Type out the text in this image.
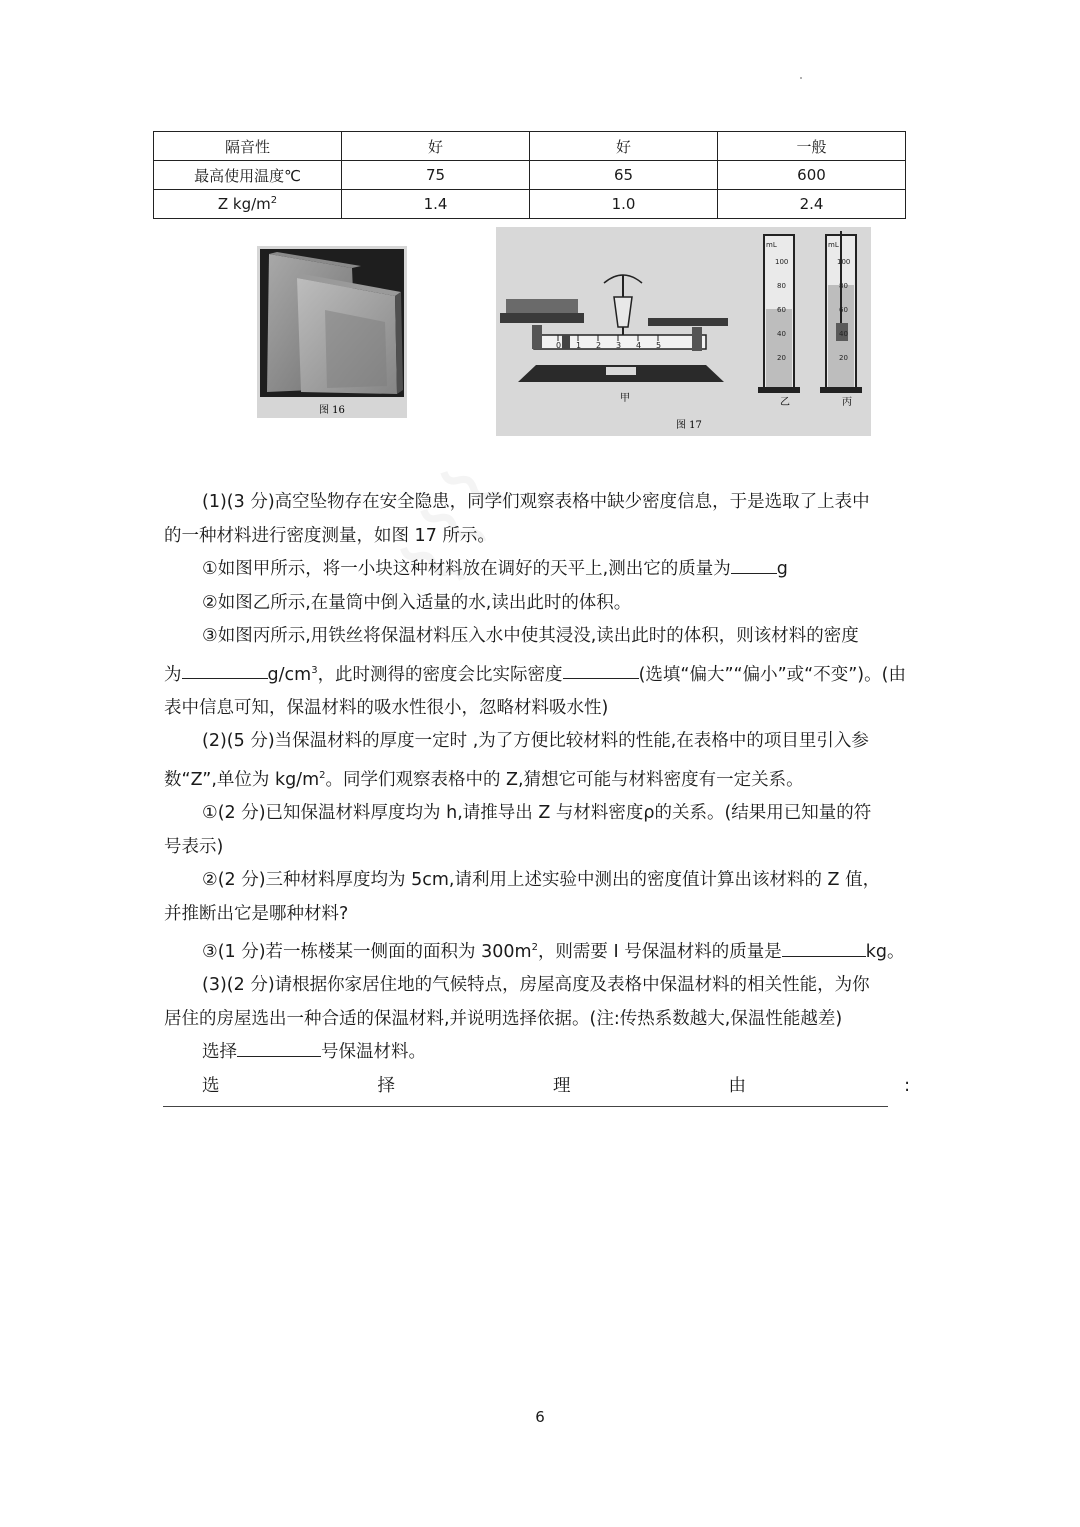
隔音性	好	好	一般
最高使用温度℃	75	65	600
Z $kg/m^2$	1.4	1.0	2.4
图 16
0 1 2 3 4 5
甲
图 17
mL
100
80
60
40
20
乙
mL
100
80
60
40
20
丙

(1)(3 分)高空坠物存在安全隐患，同学们观察表格中缺少密度信息，于是选取了上表中

的一种材料进行密度测量，如图 17 所示。

①如图甲所示，将一小块这种材料放在调好的天平上,测出它的质量为	g

②如图乙所示,在量筒中倒入适量的水,读出此时的体积。

③如图丙所示,用铁丝将保温材料压入水中使其浸没,读出此时的体积，则该材料的密度

为	$g/cm^3$，此时测得的密度会比实际密度	(选填“偏大”“偏小”或“不变”)。(由

表中信息可知，保温材料的吸水性很小，忽略材料吸水性)

(2)(5 分)当保温材料的厚度一定时 ,为了方便比较材料的性能,在表格中的项目里引入参

数“Z”,单位为 $kg/m^2$。同学们观察表格中的 Z,猜想它可能与材料密度有一定关系。

①(2 分)已知保温材料厚度均为 h,请推导出 Z 与材料密度ρ的关系。(结果用已知量的符

号表示)

②(2 分)三种材料厚度均为 5cm,请利用上述实验中测出的密度值计算出该材料的 Z 值，

并推断出它是哪种材料?

③(1 分)若一栋楼某一侧面的面积为 $300m^2$，则需要 I 号保温材料的质量是	kg。

(3)(2 分)请根据你家居住地的气候特点，房屋高度及表格中保温材料的相关性能，为你

居住的房屋选出一种合适的保温材料,并说明选择依据。(注:传热系数越大,保温性能越差)

选择	号保温材料。

选	择	理	由	:

6
